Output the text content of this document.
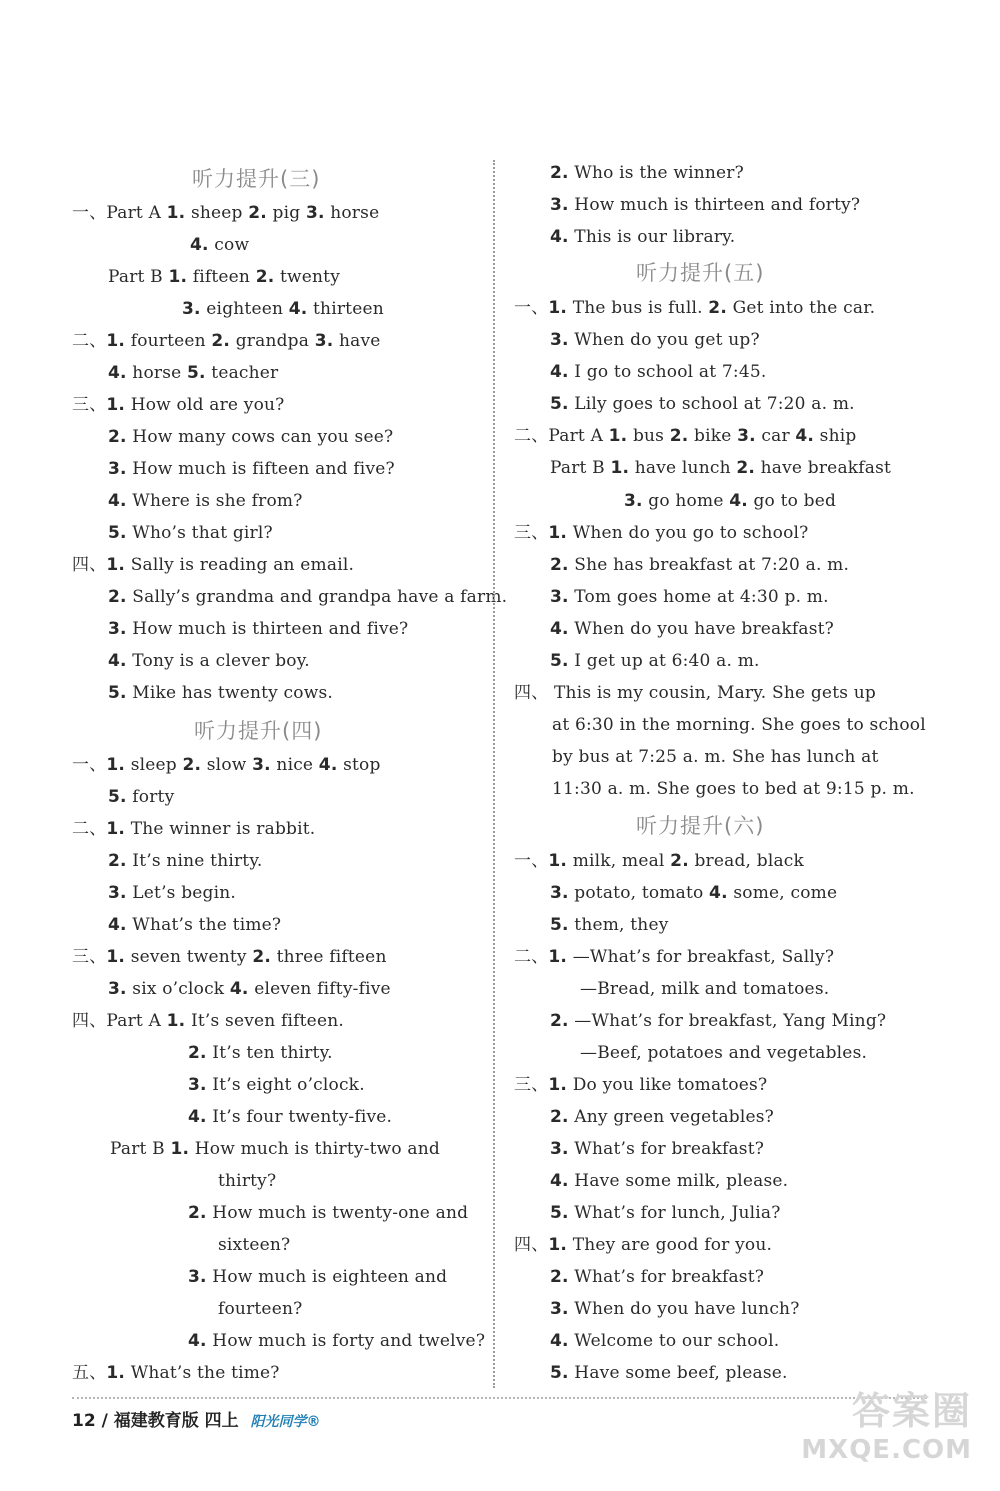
听力提升(三)
一、Part A 1. sheep 2. pig 3. horse
4. cow
Part B 1. fifteen 2. twenty
3. eighteen 4. thirteen
二、1. fourteen 2. grandpa 3. have
4. horse 5. teacher
三、1. How old are you?
2. How many cows can you see?
3. How much is fifteen and five?
4. Where is she from?
5. Who’s that girl?
四、1. Sally is reading an email.
2. Sally’s grandma and grandpa have a farm.
3. How much is thirteen and five?
4. Tony is a clever boy.
5. Mike has twenty cows.
听力提升(四)
一、1. sleep 2. slow 3. nice 4. stop
5. forty
二、1. The winner is rabbit.
2. It’s nine thirty.
3. Let’s begin.
4. What’s the time?
三、1. seven twenty 2. three fifteen
3. six o’clock 4. eleven fifty-five
四、Part A 1. It’s seven fifteen.
2. It’s ten thirty.
3. It’s eight o’clock.
4. It’s four twenty-five.
Part B 1. How much is thirty-two and
thirty?
2. How much is twenty-one and
sixteen?
3. How much is eighteen and
fourteen?
4. How much is forty and twelve?
五、1. What’s the time?
2. Who is the winner?
3. How much is thirteen and forty?
4. This is our library.
听力提升(五)
一、1. The bus is full. 2. Get into the car.
3. When do you get up?
4. I go to school at 7:45.
5. Lily goes to school at 7:20 a. m.
二、Part A 1. bus 2. bike 3. car 4. ship
Part B 1. have lunch 2. have breakfast
3. go home 4. go to bed
三、1. When do you go to school?
2. She has breakfast at 7:20 a. m.
3. Tom goes home at 4:30 p. m.
4. When do you have breakfast?
5. I get up at 6:40 a. m.
四、 This is my cousin, Mary. She gets up
at 6:30 in the morning. She goes to school
by bus at 7:25 a. m. She has lunch at
11:30 a. m. She goes to bed at 9:15 p. m.
听力提升(六)
一、1. milk, meal 2. bread, black
3. potato, tomato 4. some, come
5. them, they
二、1. —What’s for breakfast, Sally?
—Bread, milk and tomatoes.
2. —What’s for breakfast, Yang Ming?
—Beef, potatoes and vegetables.
三、1. Do you like tomatoes?
2. Any green vegetables?
3. What’s for breakfast?
4. Have some milk, please.
5. What’s for lunch, Julia?
四、1. They are good for you.
2. What’s for breakfast?
3. When do you have lunch?
4. Welcome to our school.
5. Have some beef, please.
12 / 福建教育版 四上 阳光同学®	答案圈
MXQE.COM
